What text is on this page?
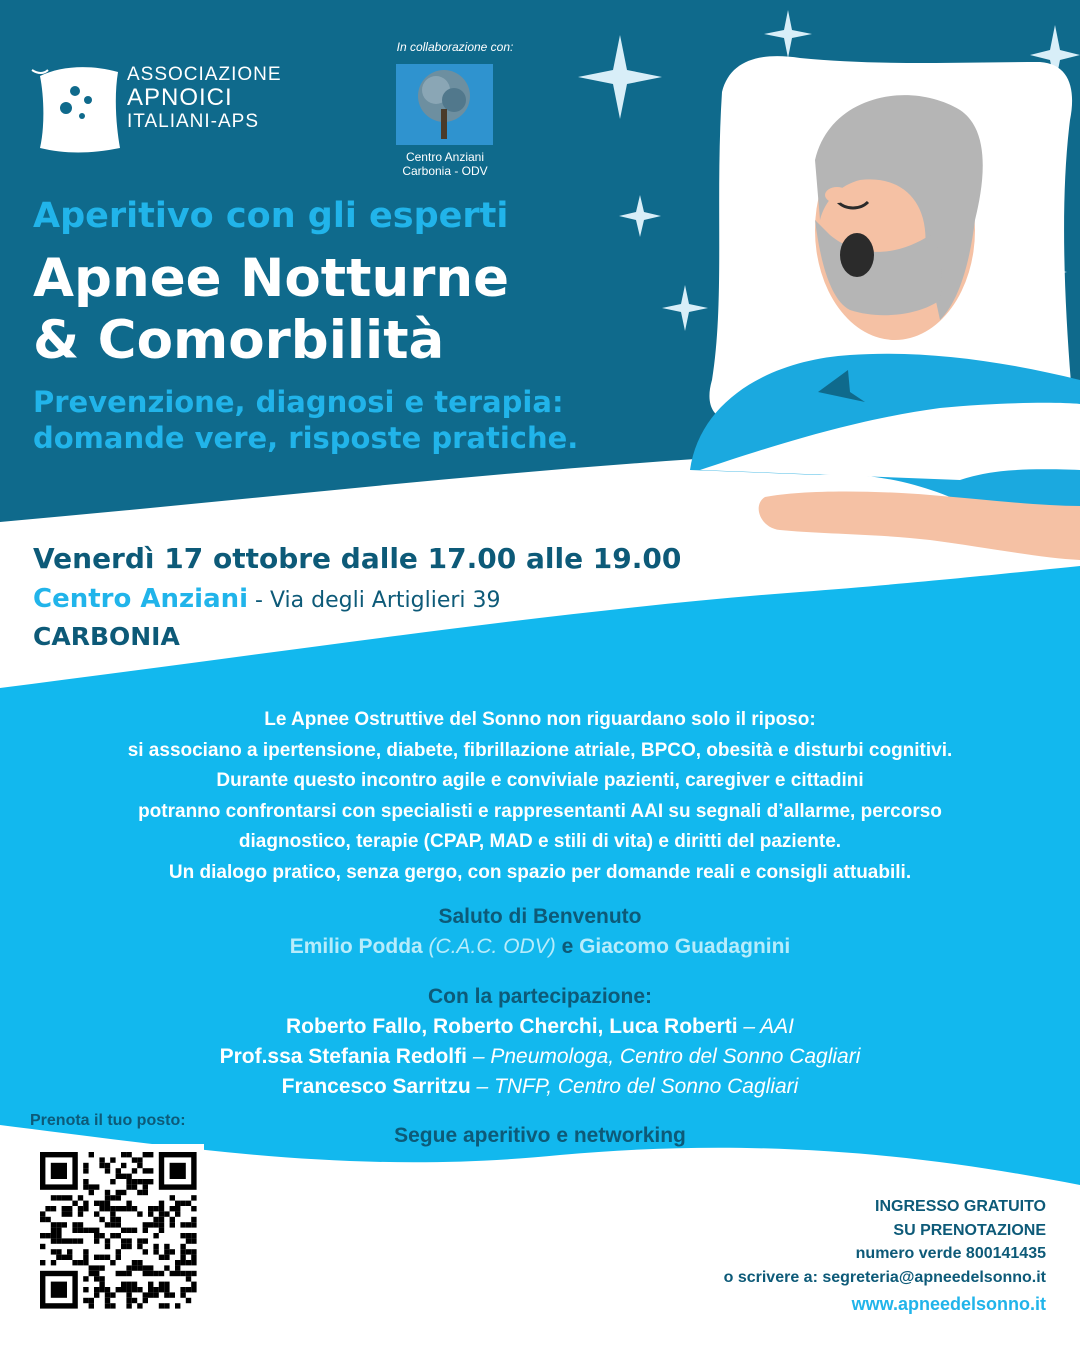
ASSOCIAZIONE
APNOICI
ITALIANI-APS
In collaborazione con:
Centro Anziani
Carbonia - ODV
Aperitivo con gli esperti
Apnee Notturne
& Comorbilità
Prevenzione, diagnosi e terapia:
domande vere, risposte pratiche.
Venerdì 17 ottobre dalle 17.00 alle 19.00
Centro Anziani - Via degli Artiglieri 39
CARBONIA
Le Apnee Ostruttive del Sonno non riguardano solo il riposo:
si associano a ipertensione, diabete, fibrillazione atriale, BPCO, obesità e disturbi cognitivi.
Durante questo incontro agile e conviviale pazienti, caregiver e cittadini
potranno confrontarsi con specialisti e rappresentanti AAI su segnali d’allarme, percorso
diagnostico, terapie (CPAP, MAD e stili di vita) e diritti del paziente.
Un dialogo pratico, senza gergo, con spazio per domande reali e consigli attuabili.
Saluto di Benvenuto
Emilio Podda (C.A.C. ODV) e Giacomo Guadagnini
Con la partecipazione:
Roberto Fallo, Roberto Cherchi, Luca Roberti – AAI
Prof.ssa Stefania Redolfi – Pneumologa, Centro del Sonno Cagliari
Francesco Sarritzu – TNFP, Centro del Sonno Cagliari
Segue aperitivo e networking
Prenota il tuo posto:
INGRESSO GRATUITO
SU PRENOTAZIONE
numero verde 800141435
o scrivere a: segreteria@apneedelsonno.it
www.apneedelsonno.it
